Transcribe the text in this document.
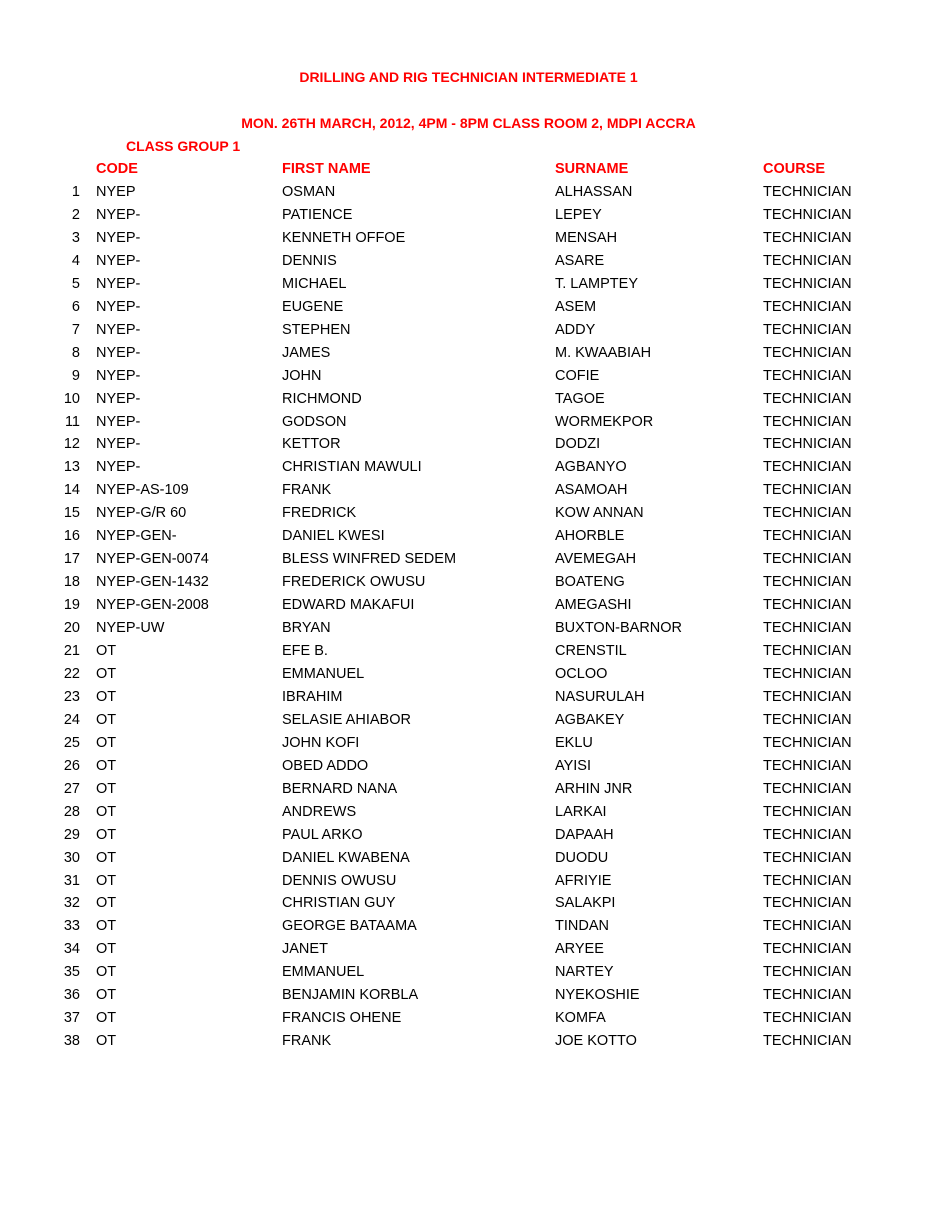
DRILLING AND RIG TECHNICIAN INTERMEDIATE 1
MON. 26TH MARCH, 2012, 4PM - 8PM CLASS ROOM 2, MDPI ACCRA
CLASS GROUP 1
CODE	FIRST NAME	SURNAME	COURSE
1 NYEP	OSMAN	ALHASSAN	TECHNICIAN
2 NYEP-	PATIENCE	LEPEY	TECHNICIAN
3 NYEP-	KENNETH OFFOE	MENSAH	TECHNICIAN
4 NYEP-	DENNIS	ASARE	TECHNICIAN
5 NYEP-	MICHAEL	T. LAMPTEY	TECHNICIAN
6 NYEP-	EUGENE	ASEM	TECHNICIAN
7 NYEP-	STEPHEN	ADDY	TECHNICIAN
8 NYEP-	JAMES	M. KWAABIAH	TECHNICIAN
9 NYEP-	JOHN	COFIE	TECHNICIAN
10 NYEP-	RICHMOND	TAGOE	TECHNICIAN
11 NYEP-	GODSON	WORMEKPOR	TECHNICIAN
12 NYEP-	KETTOR	DODZI	TECHNICIAN
13 NYEP-	CHRISTIAN MAWULI	AGBANYO	TECHNICIAN
14 NYEP-AS-109	FRANK	ASAMOAH	TECHNICIAN
15 NYEP-G/R 60	FREDRICK	KOW ANNAN	TECHNICIAN
16 NYEP-GEN-	DANIEL KWESI	AHORBLE	TECHNICIAN
17 NYEP-GEN-0074	BLESS WINFRED SEDEM	AVEMEGAH	TECHNICIAN
18 NYEP-GEN-1432	FREDERICK OWUSU	BOATENG	TECHNICIAN
19 NYEP-GEN-2008	EDWARD MAKAFUI	AMEGASHI	TECHNICIAN
20 NYEP-UW	BRYAN	BUXTON-BARNOR	TECHNICIAN
21 OT	EFE B.	CRENSTIL	TECHNICIAN
22 OT	EMMANUEL	OCLOO	TECHNICIAN
23 OT	IBRAHIM	NASURULAH	TECHNICIAN
24 OT	SELASIE AHIABOR	AGBAKEY	TECHNICIAN
25 OT	JOHN KOFI	EKLU	TECHNICIAN
26 OT	OBED ADDO	AYISI	TECHNICIAN
27 OT	BERNARD NANA	ARHIN JNR	TECHNICIAN
28 OT	ANDREWS	LARKAI	TECHNICIAN
29 OT	PAUL ARKO	DAPAAH	TECHNICIAN
30 OT	DANIEL KWABENA	DUODU	TECHNICIAN
31 OT	DENNIS OWUSU	AFRIYIE	TECHNICIAN
32 OT	CHRISTIAN GUY	SALAKPI	TECHNICIAN
33 OT	GEORGE BATAAMA	TINDAN	TECHNICIAN
34 OT	JANET	ARYEE	TECHNICIAN
35 OT	EMMANUEL	NARTEY	TECHNICIAN
36 OT	BENJAMIN KORBLA	NYEKOSHIE	TECHNICIAN
37 OT	FRANCIS OHENE	KOMFA	TECHNICIAN
38 OT	FRANK	JOE KOTTO	TECHNICIAN
